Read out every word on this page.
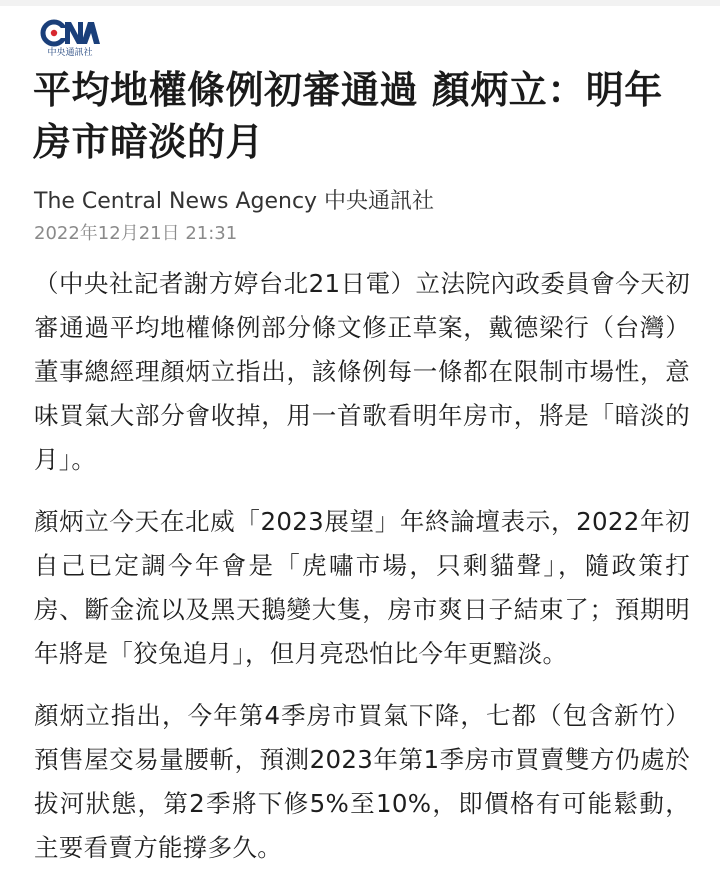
中央通訊社
平均地權條例初審通過 顏炳立：明年房市暗淡的月
The Central News Agency 中央通訊社
2022年12月21日 21:31

（中央社記者謝方婷台北21日電）立法院內政委員會今天初審通過平均地權條例部分條文修正草案，戴德梁行（台灣）董事總經理顏炳立指出，該條例每一條都在限制市場性，意味買氣大部分會收掉，用一首歌看明年房市，將是「暗淡的月」。

顏炳立今天在北威「2023展望」年終論壇表示，2022年初自己已定調今年會是「虎嘯市場，只剩貓聲」，隨政策打房、斷金流以及黑天鵝變大隻，房市爽日子結束了；預期明年將是「狡兔追月」，但月亮恐怕比今年更黯淡。

顏炳立指出，今年第4季房市買氣下降，七都（包含新竹）預售屋交易量腰斬，預測2023年第1季房市買賣雙方仍處於拔河狀態，第2季將下修5%至10%，即價格有可能鬆動，主要看賣方能撐多久。
